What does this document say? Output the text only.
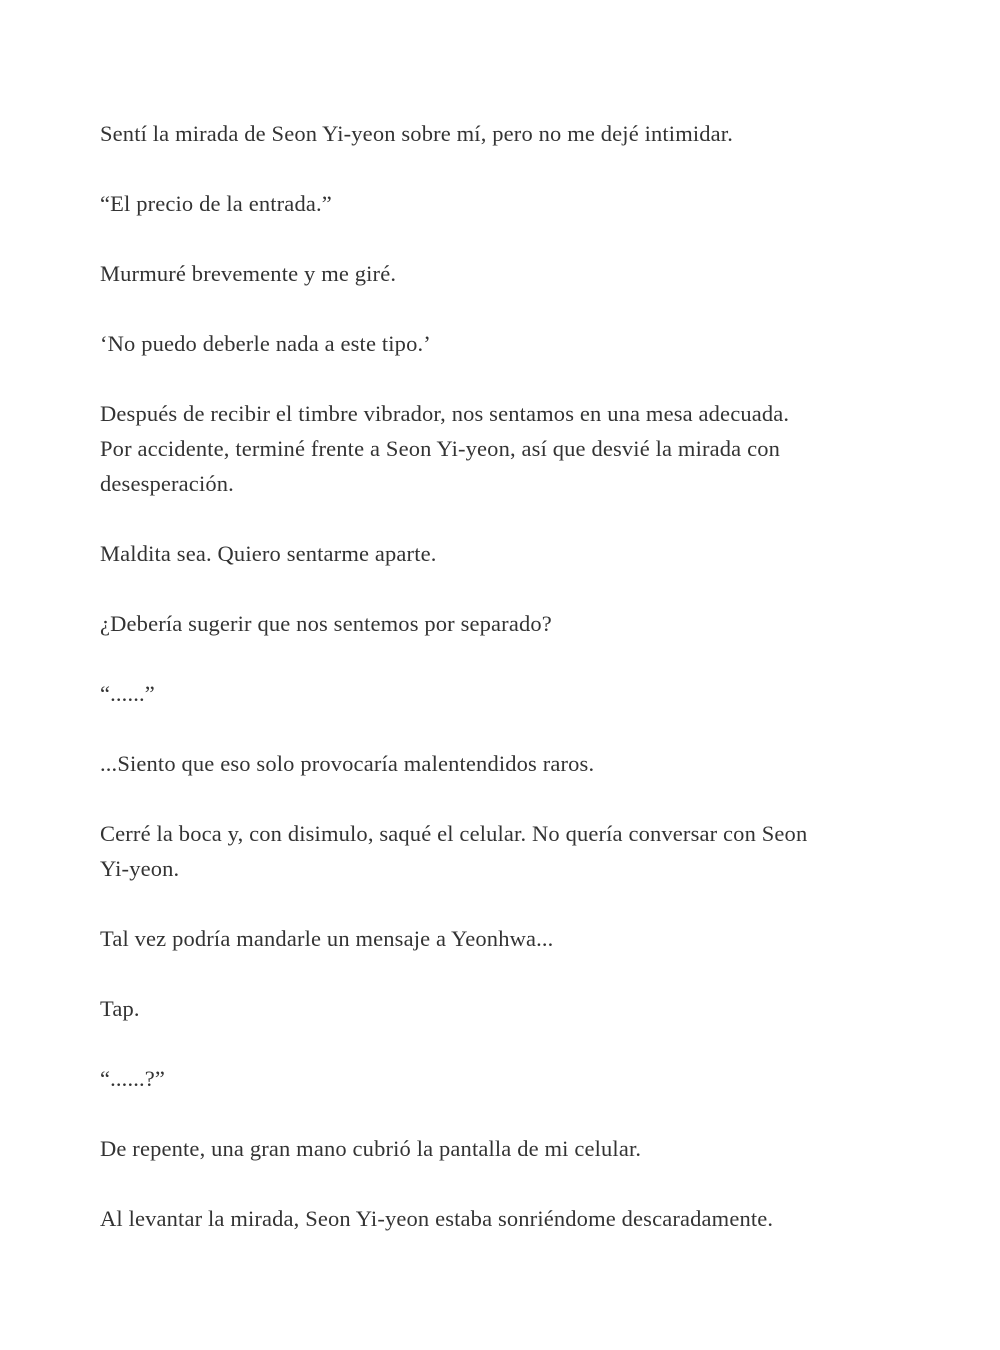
Sentí la mirada de Seon Yi-yeon sobre mí, pero no me dejé intimidar.

“El precio de la entrada.”

Murmuré brevemente y me giré.

‘No puedo deberle nada a este tipo.’

Después de recibir el timbre vibrador, nos sentamos en una mesa adecuada.
Por accidente, terminé frente a Seon Yi-yeon, así que desvié la mirada con
desesperación.

Maldita sea. Quiero sentarme aparte.

¿Debería sugerir que nos sentemos por separado?

“......”

...Siento que eso solo provocaría malentendidos raros.

Cerré la boca y, con disimulo, saqué el celular. No quería conversar con Seon
Yi-yeon.

Tal vez podría mandarle un mensaje a Yeonhwa...

Tap.

“......?”

De repente, una gran mano cubrió la pantalla de mi celular.

Al levantar la mirada, Seon Yi-yeon estaba sonriéndome descaradamente.
